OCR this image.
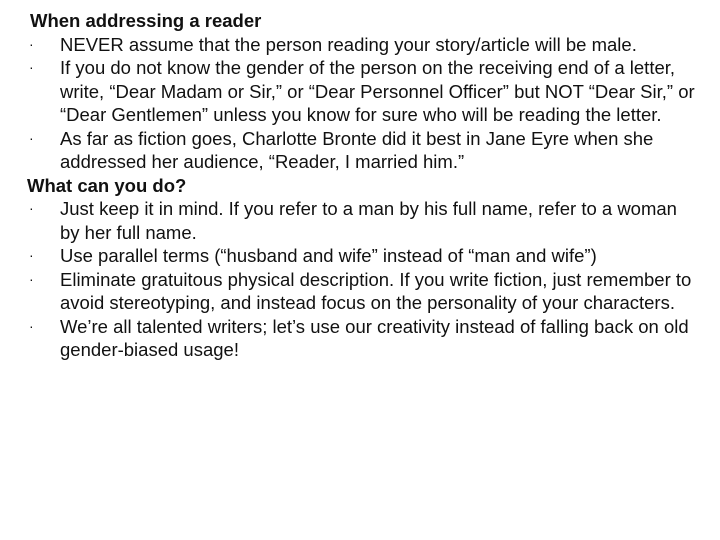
When addressing a reader

·	NEVER assume that the person reading your story/article will be male.
·	If you do not know the gender of the person on the receiving end of a letter, write, “Dear Madam or Sir,” or “Dear Personnel Officer” but NOT “Dear Sir,” or “Dear Gentlemen” unless you know for sure who will be reading the letter.
·	As far as fiction goes, Charlotte Bronte did it best in Jane Eyre when she addressed her audience, “Reader, I married him.”

What can you do?

·	Just keep it in mind. If you refer to a man by his full name, refer to a woman by her full name.
·	Use parallel terms (“husband and wife” instead of “man and wife”)
·	Eliminate gratuitous physical description. If you write fiction, just remember to avoid stereotyping, and instead focus on the personality of your characters.
·	We’re all talented writers; let’s use our creativity instead of falling back on old gender-biased usage!
